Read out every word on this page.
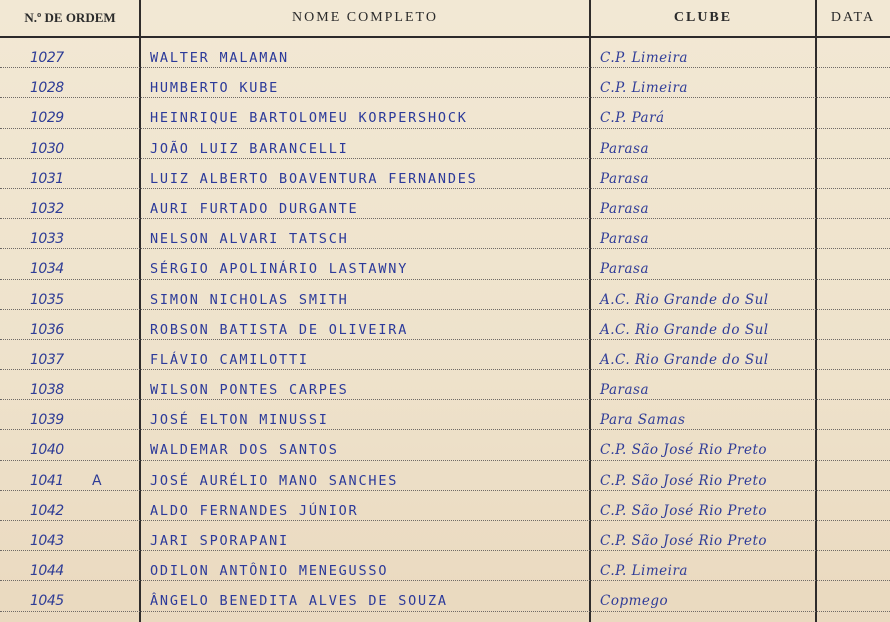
N.º DE ORDEM	NOME COMPLETO	CLUBE	DATA
1027	WALTER MALAMAN	C.P. Limeira
1028	HUMBERTO KUBE	C.P. Limeira
1029	HEINRIQUE BARTOLOMEU KORPERSHOCK	C.P. Pará
1030	JOÃO LUIZ BARANCELLI	Parasa
1031	LUIZ ALBERTO BOAVENTURA FERNANDES	Parasa
1032	AURI FURTADO DURGANTE	Parasa
1033	NELSON ALVARI TATSCH	Parasa
1034	SÉRGIO APOLINÁRIO LASTAWNY	Parasa
1035	SIMON NICHOLAS SMITH	A.C. Rio Grande do Sul
1036	ROBSON BATISTA DE OLIVEIRA	A.C. Rio Grande do Sul
1037	FLÁVIO CAMILOTTI	A.C. Rio Grande do Sul
1038	WILSON PONTES CARPES	Parasa
1039	JOSÉ ELTON MINUSSI	Para Samas
1040	WALDEMAR DOS SANTOS	C.P. São José Rio Preto
1041	A	JOSÉ AURÉLIO MANO SANCHES	C.P. São José Rio Preto
1042	ALDO FERNANDES JÚNIOR	C.P. São José Rio Preto
1043	JARI SPORAPANI	C.P. São José Rio Preto
1044	ODILON ANTÔNIO MENEGUSSO	C.P. Limeira
1045	ÂNGELO BENEDITA ALVES DE SOUZA	Copmego
